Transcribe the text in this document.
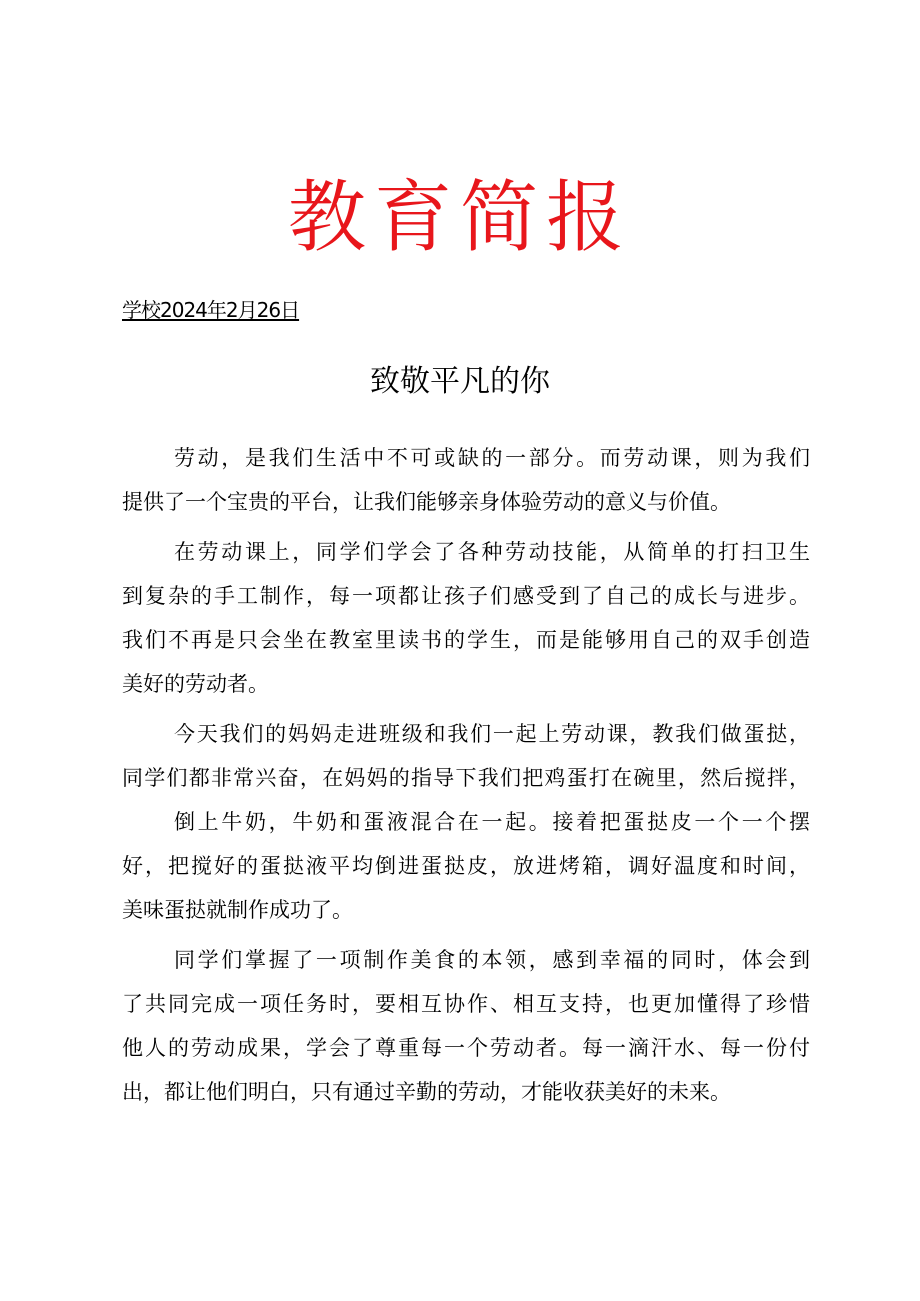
教育简报
学校2024年2月26日
致敬平凡的你
劳动，是我们生活中不可或缺的一部分。而劳动课，则为我们
提供了一个宝贵的平台，让我们能够亲身体验劳动的意义与价值。
在劳动课上，同学们学会了各种劳动技能，从简单的打扫卫生
到复杂的手工制作，每一项都让孩子们感受到了自己的成长与进步。
我们不再是只会坐在教室里读书的学生，而是能够用自己的双手创造
美好的劳动者。
今天我们的妈妈走进班级和我们一起上劳动课，教我们做蛋挞，
同学们都非常兴奋，在妈妈的指导下我们把鸡蛋打在碗里，然后搅拌，
倒上牛奶，牛奶和蛋液混合在一起。接着把蛋挞皮一个一个摆
好，把搅好的蛋挞液平均倒进蛋挞皮，放进烤箱，调好温度和时间，
美味蛋挞就制作成功了。
同学们掌握了一项制作美食的本领，感到幸福的同时，体会到
了共同完成一项任务时，要相互协作、相互支持，也更加懂得了珍惜
他人的劳动成果，学会了尊重每一个劳动者。每一滴汗水、每一份付
出，都让他们明白，只有通过辛勤的劳动，才能收获美好的未来。
